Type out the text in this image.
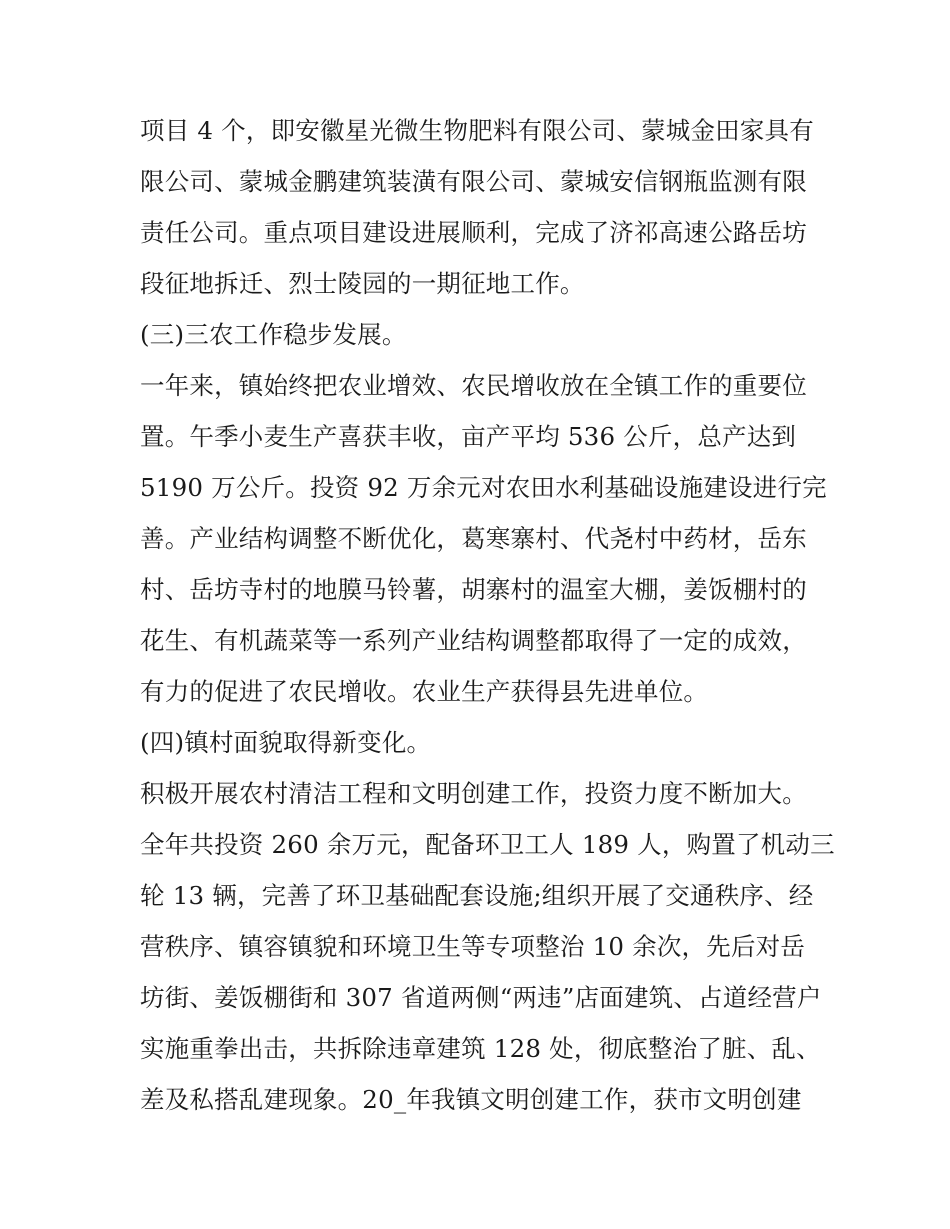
项目 4 个，即安徽星光微生物肥料有限公司、蒙城金田家具有
限公司、蒙城金鹏建筑装潢有限公司、蒙城安信钢瓶监测有限
责任公司。重点项目建设进展顺利，完成了济祁高速公路岳坊
段征地拆迁、烈士陵园的一期征地工作。
(三)三农工作稳步发展。
一年来，镇始终把农业增效、农民增收放在全镇工作的重要位
置。午季小麦生产喜获丰收，亩产平均 536 公斤，总产达到
5190 万公斤。投资 92 万余元对农田水利基础设施建设进行完
善。产业结构调整不断优化，葛寒寨村、代尧村中药材，岳东
村、岳坊寺村的地膜马铃薯，胡寨村的温室大棚，姜饭棚村的
花生、有机蔬菜等一系列产业结构调整都取得了一定的成效，
有力的促进了农民增收。农业生产获得县先进单位。
(四)镇村面貌取得新变化。
积极开展农村清洁工程和文明创建工作，投资力度不断加大。
全年共投资 260 余万元，配备环卫工人 189 人，购置了机动三
轮 13 辆，完善了环卫基础配套设施;组织开展了交通秩序、经
营秩序、镇容镇貌和环境卫生等专项整治 10 余次，先后对岳
坊街、姜饭棚街和 307 省道两侧“两违”店面建筑、占道经营户
实施重拳出击，共拆除违章建筑 128 处，彻底整治了脏、乱、
差及私搭乱建现象。20_年我镇文明创建工作，获市文明创建
